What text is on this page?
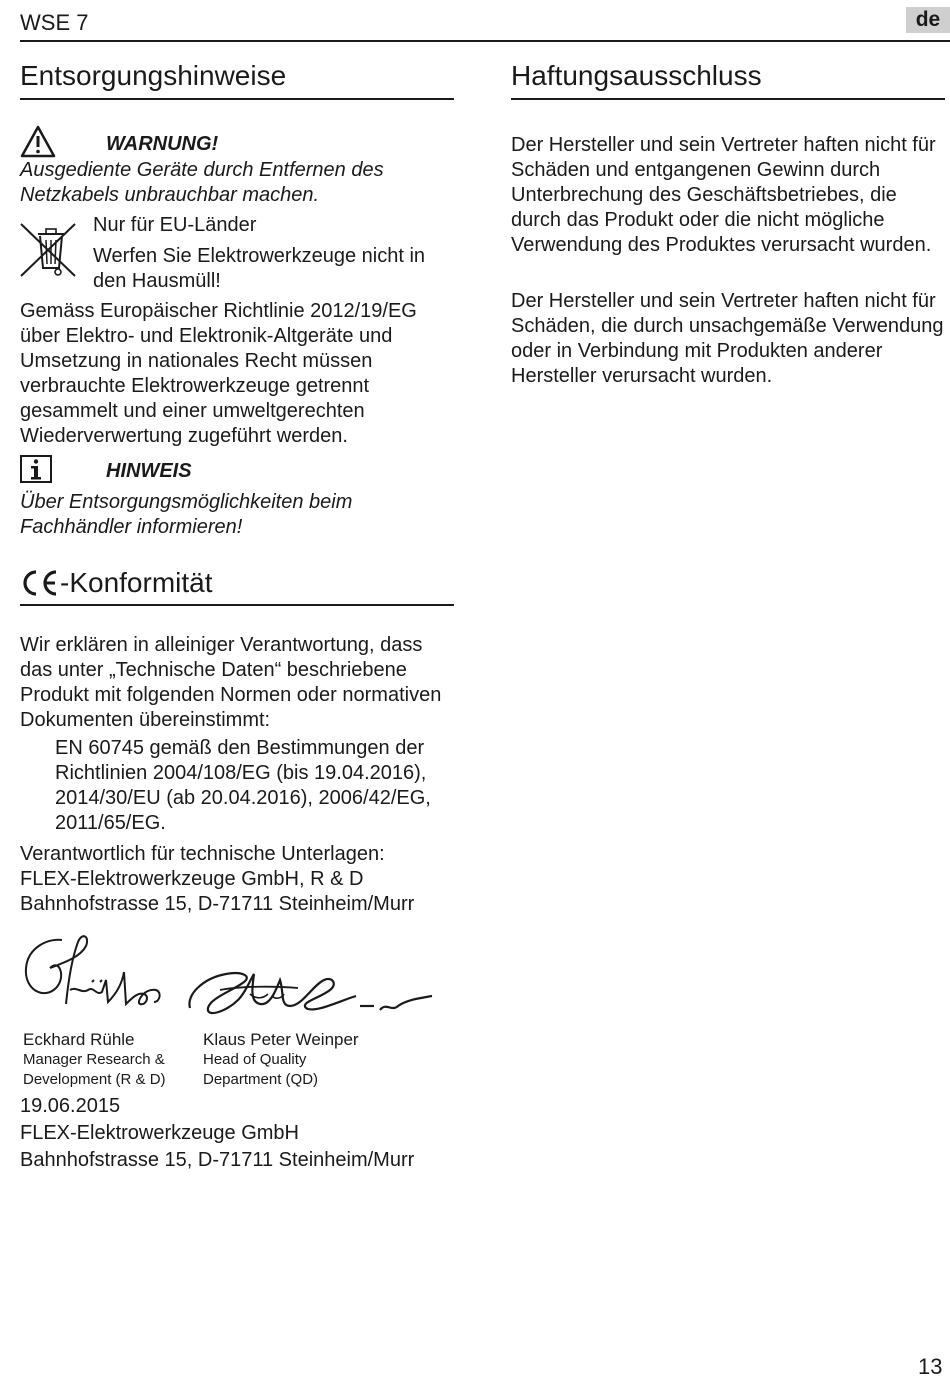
WSE 7	de
Entsorgungshinweise
WARNUNG!
Ausgediente Geräte durch Entfernen des Netzkabels unbrauchbar machen.
Nur für EU-Länder
Werfen Sie Elektrowerkzeuge nicht in den Hausmüll!
Gemäss Europäischer Richtlinie 2012/19/EG über Elektro- und Elektronik-Altgeräte und Umsetzung in nationales Recht müssen verbrauchte Elektrowerkzeuge getrennt gesammelt und einer umweltgerechten Wiederverwertung zugeführt werden.
HINWEIS
Über Entsorgungsmöglichkeiten beim Fachhändler informieren!
-Konformität
Wir erklären in alleiniger Verantwortung, dass das unter „Technische Daten“ beschriebene Produkt mit folgenden Normen oder normativen Dokumenten übereinstimmt:
EN 60745 gemäß den Bestimmungen der Richtlinien 2004/108/EG (bis 19.04.2016), 2014/30/EU (ab 20.04.2016), 2006/42/EG, 2011/65/EG.
Verantwortlich für technische Unterlagen:
FLEX-Elektrowerkzeuge GmbH, R & D
Bahnhofstrasse 15, D-71711 Steinheim/Murr
Eckhard Rühle
Manager Research &
Development (R & D)
Klaus Peter Weinper
Head of Quality
Department (QD)
19.06.2015
FLEX-Elektrowerkzeuge GmbH
Bahnhofstrasse 15, D-71711 Steinheim/Murr
Haftungsausschluss
Der Hersteller und sein Vertreter haften nicht für Schäden und entgangenen Gewinn durch Unterbrechung des Geschäftsbetriebes, die durch das Produkt oder die nicht mögliche Verwendung des Produktes verursacht wurden.
Der Hersteller und sein Vertreter haften nicht für Schäden, die durch unsachgemäße Verwendung oder in Verbindung mit Produkten anderer Hersteller verursacht wurden.
13
